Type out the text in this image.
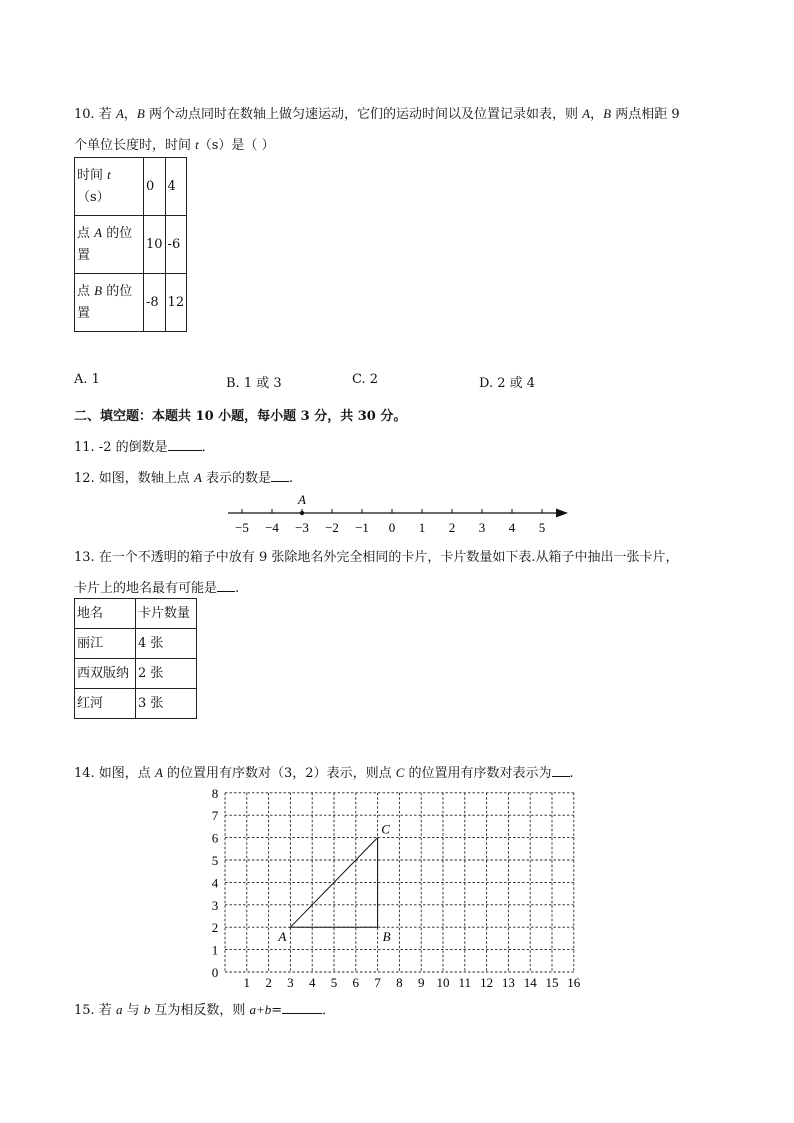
10. 若 A，B 两个动点同时在数轴上做匀速运动，它们的运动时间以及位置记录如表，则 A，B 两点相距 9
个单位长度时，时间 t（s）是（ ）
时间 t
（s）	0	4
点 A 的位置	10	-6
点 B 的位置	-8	12
A. 1	B. 1 或 3	C. 2	D. 2 或 4
二、填空题：本题共 10 小题，每小题 3 分，共 30 分。
11. -2 的倒数是	．
12. 如图，数轴上点 A 表示的数是 .
−5 −4 −3 −2 −1 0 1 2 3 4 5
A
13. 在一个不透明的箱子中放有 9 张除地名外完全相同的卡片，卡片数量如下表.从箱子中抽出一张卡片，
卡片上的地名最有可能是 .
地名	卡片数量
丽江	4 张
西双版纳	2 张
红河	3 张
14. 如图，点 A 的位置用有序数对（3，2）表示，则点 C 的位置用有序数对表示为 .
1 2 3 4 5 6 7 8 9 10 11 12 13 14 15 16
1
2
3
4
5
6
7
8
0
A	B
C
15. 若 a 与 b 互为相反数，则 a+b=	．
